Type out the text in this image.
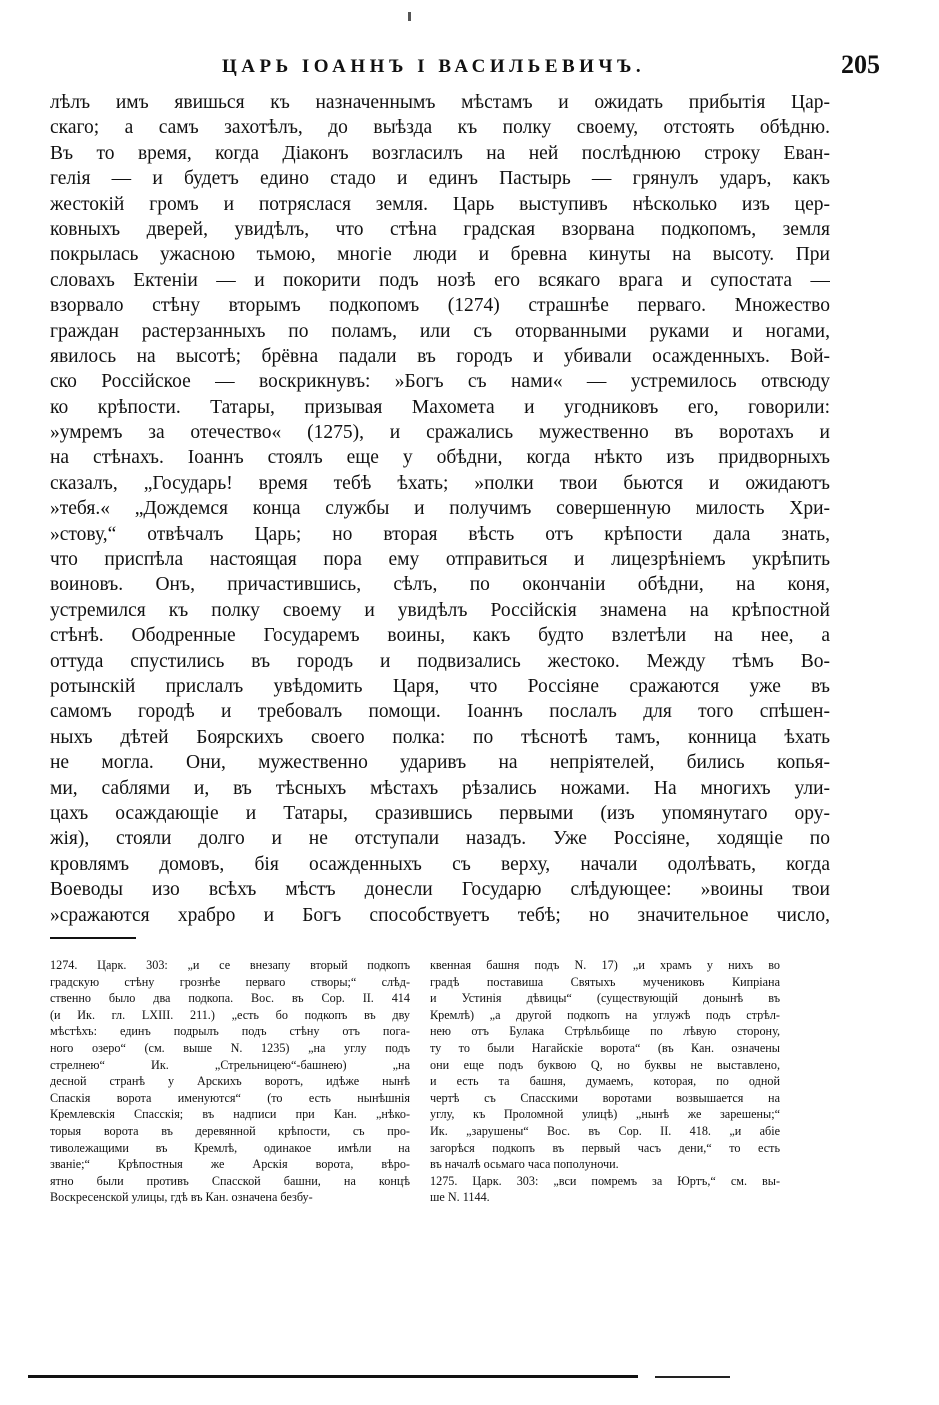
ЦАРЬ ІОАННЪ І ВАСИЛЬЕВИЧЪ.	205
лѣлъ имъ явишься къ назначеннымъ мѣстамъ и ожидать прибытія Цар-
скаго; а самъ захотѣлъ, до выѣзда къ полку своему, отстоять обѣдню.
Въ то время, когда Діаконъ возгласилъ на ней послѣднюю строку Еван-
гелія — и будетъ едино стадо и единъ Пастырь — грянулъ ударъ, какъ
жестокій громъ и потряслася земля. Царь выступивъ нѣсколько изъ цер-
ковныхъ дверей, увидѣлъ, что стѣна градская взорвана подкопомъ, земля
покрылась ужасною тьмою, многіе люди и бревна кинуты на высоту. При
словахъ Ектеніи — и покорити подъ нозѣ его всякаго врага и супостата —
взорвало стѣну вторымъ подкопомъ (1274) страшнѣе перваго. Множество
граждан растерзанныхъ по поламъ, или съ оторванными руками и ногами,
явилось на высотѣ; брёвна падали въ городъ и убивали осажденныхъ. Вой-
ско Россійское — воскрикнувъ: »Богъ съ нами« — устремилось отвсюду
ко крѣпости. Татары, призывая Махомета и угодниковъ его, говорили:
»умремъ за отечество« (1275), и сражались мужественно въ воротахъ и
на стѣнахъ. Іоаннъ стоялъ еще у обѣдни, когда нѣкто изъ придворныхъ
сказалъ, „Государь! время тебѣ ѣхать; »полки твои бьются и ожидаютъ
»тебя.« „Дождемся конца службы и получимъ совершенную милость Хри-
»стову,“ отвѣчалъ Царь; но вторая вѣсть отъ крѣпости дала знать,
что приспѣла настоящая пора ему отправиться и лицезрѣніемъ укрѣпить
воиновъ. Онъ, причастившись, сѣлъ, по окончаніи обѣдни, на коня,
устремился къ полку своему и увидѣлъ Россійскія знамена на крѣпостной
стѣнѣ. Ободренные Государемъ воины, какъ будто взлетѣли на нее, а
оттуда спустились въ городъ и подвизались жестоко. Между тѣмъ Во-
ротынскій прислалъ увѣдомить Царя, что Россіяне сражаются уже въ
самомъ городѣ и требовалъ помощи. Іоаннъ послалъ для того спѣшен-
ныхъ дѣтей Боярскихъ своего полка: по тѣснотѣ тамъ, конница ѣхать
не могла. Они, мужественно ударивъ на непріятелей, бились копья-
ми, саблями и, въ тѣсныхъ мѣстахъ рѣзались ножами. На многихъ ули-
цахъ осаждающіе и Татары, сразившись первыми (изъ упомянутаго ору-
жія), стояли долго и не отступали назадъ. Уже Россіяне, ходящіе по
кровлямъ домовъ, бія осажденныхъ съ верху, начали одолѣвать, когда
Воеводы изо всѣхъ мѣстъ донесли Государю слѣдующее: »воины твои
»сражаются храбро и Богъ способствуетъ тебѣ; но значительное число,
1274. Царк. 303: „и се внезапу вторый подкопъ
градскую стѣну грознѣе перваго створы;“ слѣд-
ственно было два подкопа. Вос. въ Сор. II. 414
(и Ик. гл. LXIII. 211.) „есть бо подкопъ въ дву
мѣстѣхъ: единъ подрылъ подъ стѣну отъ пога-
ного озеро“ (см. выше N. 1235) „на углу подъ
стрелнею“ Ик. „Стрельницею“-башнею) „на
десной странѣ у Арскихъ воротъ, идѣже нынѣ
Спаскія ворота именуются“ (то есть нынѣшнія
Кремлевскія Спасскія; въ надписи при Кан. „нѣко-
торыя ворота въ деревянной крѣпости, съ про-
тиволежащими въ Кремлѣ, одинакое имѣли на
званіе;“ Крѣпостныя же Арскія ворота, вѣро-
ятно были противъ Спасской башни, на концѣ
Воскресенской улицы, гдѣ въ Кан. означена безбу-
квенная башня подъ N. 17) „и храмъ у нихъ во
градѣ поставиша Святыхъ мучениковъ Кипріана
и Устинія дѣвицы“ (существующій донынѣ въ
Кремлѣ) „а другой подкопъ на углужѣ подъ стрѣл-
нею отъ Булака Стрѣльбище по лѣвую сторону,
ту то были Нагайскіе ворота“ (въ Кан. означены
они еще подъ буквою Q, но буквы не выставлено,
и есть та башня, думаемъ, которая, по одной
чертѣ съ Спасскими воротами возвышается на
углу, къ Проломной улицѣ) „нынѣ же зарешены;“
Ик. „зарушены“ Вос. въ Сор. II. 418. „и абіе
загорѣся подкопъ въ первый часъ дени,“ то есть
въ началѣ осьмаго часа пополуночи.
1275. Царк. 303: „вси помремъ за Юртъ,“ см. вы-
ше N. 1144.
